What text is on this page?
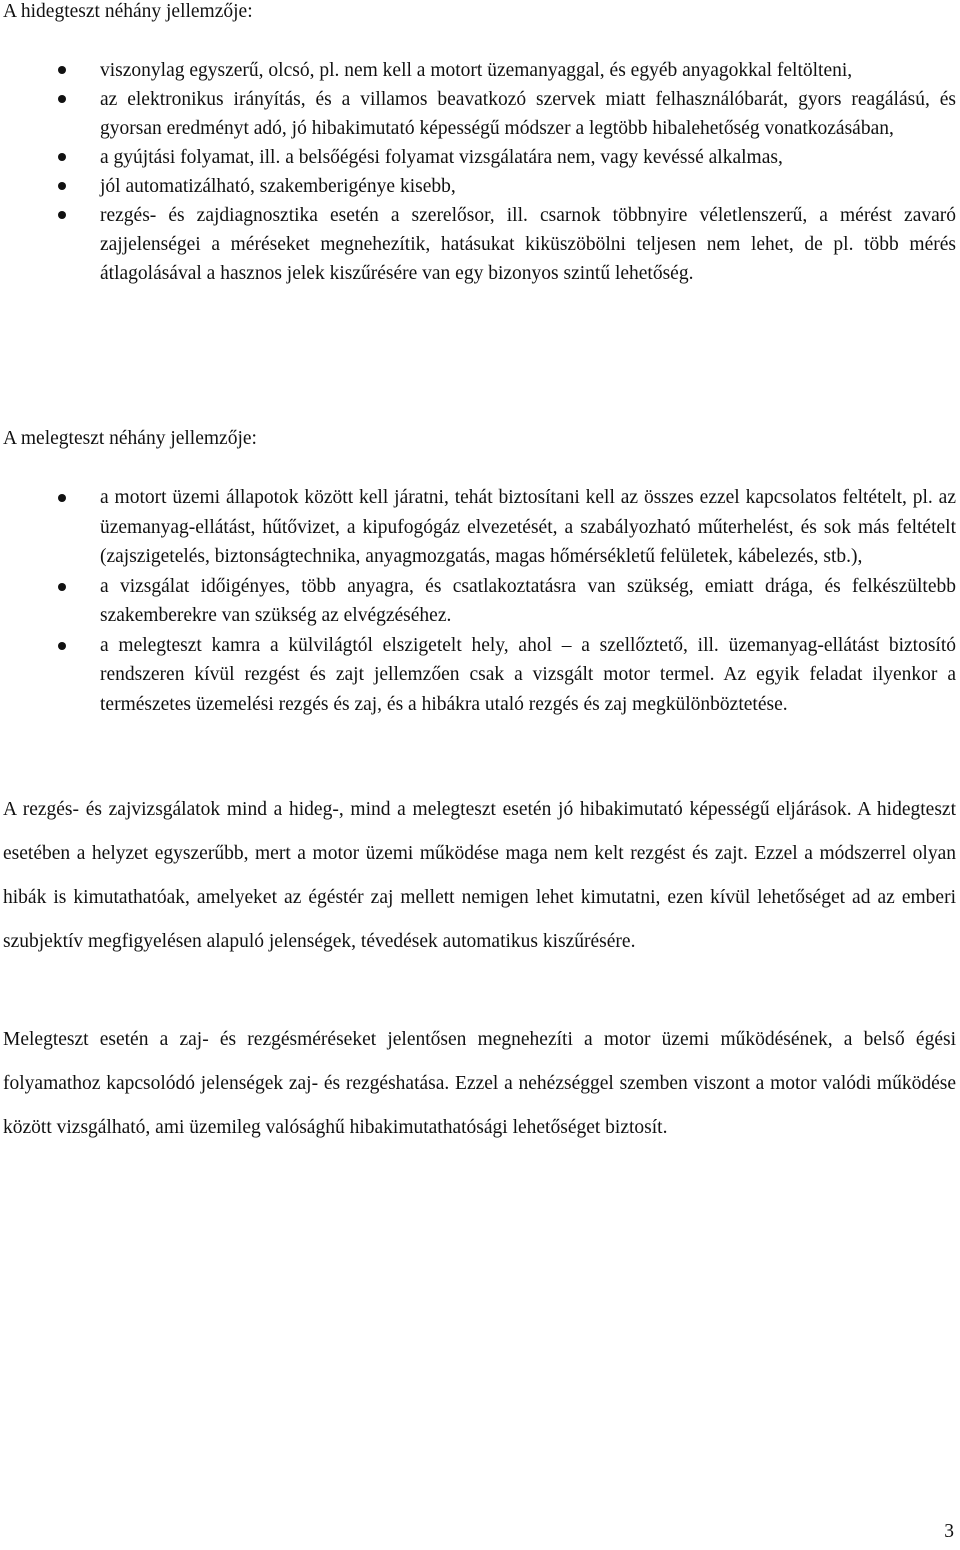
A hidegteszt néhány jellemzője:
viszonylag egyszerű, olcsó, pl. nem kell a motort üzemanyaggal, és egyéb anyagokkal feltölteni,
az elektronikus irányítás, és a villamos beavatkozó szervek miatt felhasználóbarát, gyors reagálású, és gyorsan eredményt adó, jó hibakimutató képességű módszer a legtöbb hibalehetőség vonatkozásában,
a gyújtási folyamat, ill. a belsőégési folyamat vizsgálatára nem, vagy kevéssé alkalmas,
jól automatizálható, szakemberigénye kisebb,
rezgés- és zajdiagnosztika esetén a szerelősor, ill. csarnok többnyire véletlenszerű, a mérést zavaró zajjelenségei a méréseket megnehezítik, hatásukat kiküszöbölni teljesen nem lehet, de pl. több mérés átlagolásával a hasznos jelek kiszűrésére van egy bizonyos szintű lehetőség.
A melegteszt néhány jellemzője:
a motort üzemi állapotok között kell járatni, tehát biztosítani kell az összes ezzel kapcsolatos feltételt, pl. az üzemanyag-ellátást, hűtővizet, a kipufogógáz elvezetését, a szabályozható műterhelést, és sok más feltételt (zajszigetelés, biztonságtechnika, anyagmozgatás, magas hőmérsékletű felületek, kábelezés, stb.),
a vizsgálat időigényes, több anyagra, és csatlakoztatásra van szükség, emiatt drága, és felkészültebb szakemberekre van szükség az elvégzéséhez.
a melegteszt kamra a külvilágtól elszigetelt hely, ahol – a szellőztető, ill. üzemanyag-ellátást biztosító rendszeren kívül rezgést és zajt jellemzően csak a vizsgált motor termel. Az egyik feladat ilyenkor a természetes üzemelési rezgés és zaj, és a hibákra utaló rezgés és zaj megkülönböztetése.

A rezgés- és zajvizsgálatok mind a hideg-, mind a melegteszt esetén jó hibakimutató képességű eljárások. A hidegteszt esetében a helyzet egyszerűbb, mert a motor üzemi működése maga nem kelt rezgést és zajt. Ezzel a módszerrel olyan hibák is kimutathatóak, amelyeket az égéstér zaj mellett nemigen lehet kimutatni, ezen kívül lehetőséget ad az emberi szubjektív megfigyelésen alapuló jelenségek, tévedések automatikus kiszűrésére.

Melegteszt esetén a zaj- és rezgésméréseket jelentősen megnehezíti a motor üzemi működésének, a belső égési folyamathoz kapcsolódó jelenségek zaj- és rezgéshatása. Ezzel a nehézséggel szemben viszont a motor valódi működése között vizsgálható, ami üzemileg valósághű hibakimutathatósági lehetőséget biztosít.

3
